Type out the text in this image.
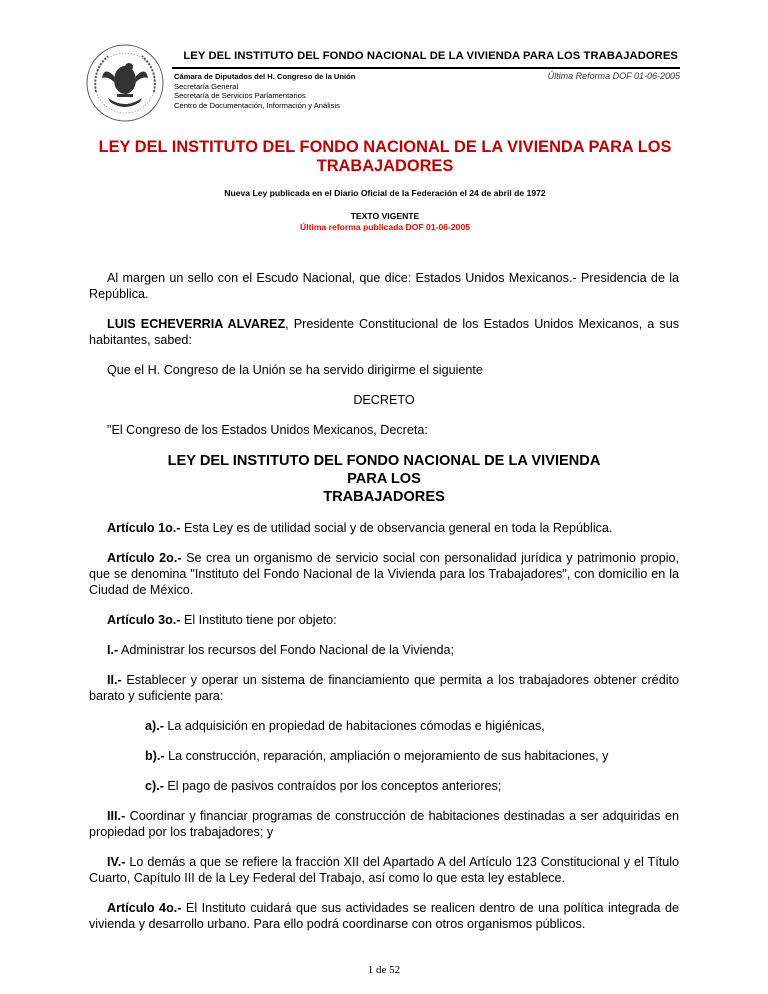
LEY DEL INSTITUTO DEL FONDO NACIONAL DE LA VIVIENDA PARA LOS TRABAJADORES
Cámara de Diputados del H. Congreso de la Unión
Secretaría General
Secretaría de Servicios Parlamentarios
Centro de Documentación, Información y Análisis
Última Reforma DOF 01-06-2005
LEY DEL INSTITUTO DEL FONDO NACIONAL DE LA VIVIENDA PARA LOS
TRABAJADORES
Nueva Ley publicada en el Diario Oficial de la Federación el 24 de abril de 1972
TEXTO VIGENTE
Última reforma publicada DOF 01-06-2005

Al margen un sello con el Escudo Nacional, que dice: Estados Unidos Mexicanos.- Presidencia de la República.

LUIS ECHEVERRIA ALVAREZ, Presidente Constitucional de los Estados Unidos Mexicanos, a sus habitantes, sabed:

Que el H. Congreso de la Unión se ha servido dirigirme el siguiente

DECRETO

"El Congreso de los Estados Unidos Mexicanos, Decreta:

LEY DEL INSTITUTO DEL FONDO NACIONAL DE LA VIVIENDA PARA LOS
TRABAJADORES

Artículo 1o.- Esta Ley es de utilidad social y de observancia general en toda la República.

Artículo 2o.- Se crea un organismo de servicio social con personalidad jurídica y patrimonio propio, que se denomina "Instituto del Fondo Nacional de la Vivienda para los Trabajadores", con domicilio en la Ciudad de México.

Artículo 3o.- El Instituto tiene por objeto:

I.- Administrar los recursos del Fondo Nacional de la Vivienda;

II.- Establecer y operar un sistema de financiamiento que permita a los trabajadores obtener crédito barato y suficiente para:

a).- La adquisición en propiedad de habitaciones cómodas e higiénicas,

b).- La construcción, reparación, ampliación o mejoramiento de sus habitaciones, y

c).- El pago de pasivos contraídos por los conceptos anteriores;

III.- Coordinar y financiar programas de construcción de habitaciones destinadas a ser adquiridas en propiedad por los trabajadores; y

IV.- Lo demás a que se refiere la fracción XII del Apartado A del Artículo 123 Constitucional y el Título Cuarto, Capítulo III de la Ley Federal del Trabajo, así como lo que esta ley establece.

Artículo 4o.- El Instituto cuidará que sus actividades se realicen dentro de una política integrada de vivienda y desarrollo urbano. Para ello podrá coordinarse con otros organismos públicos.

1 de 52
